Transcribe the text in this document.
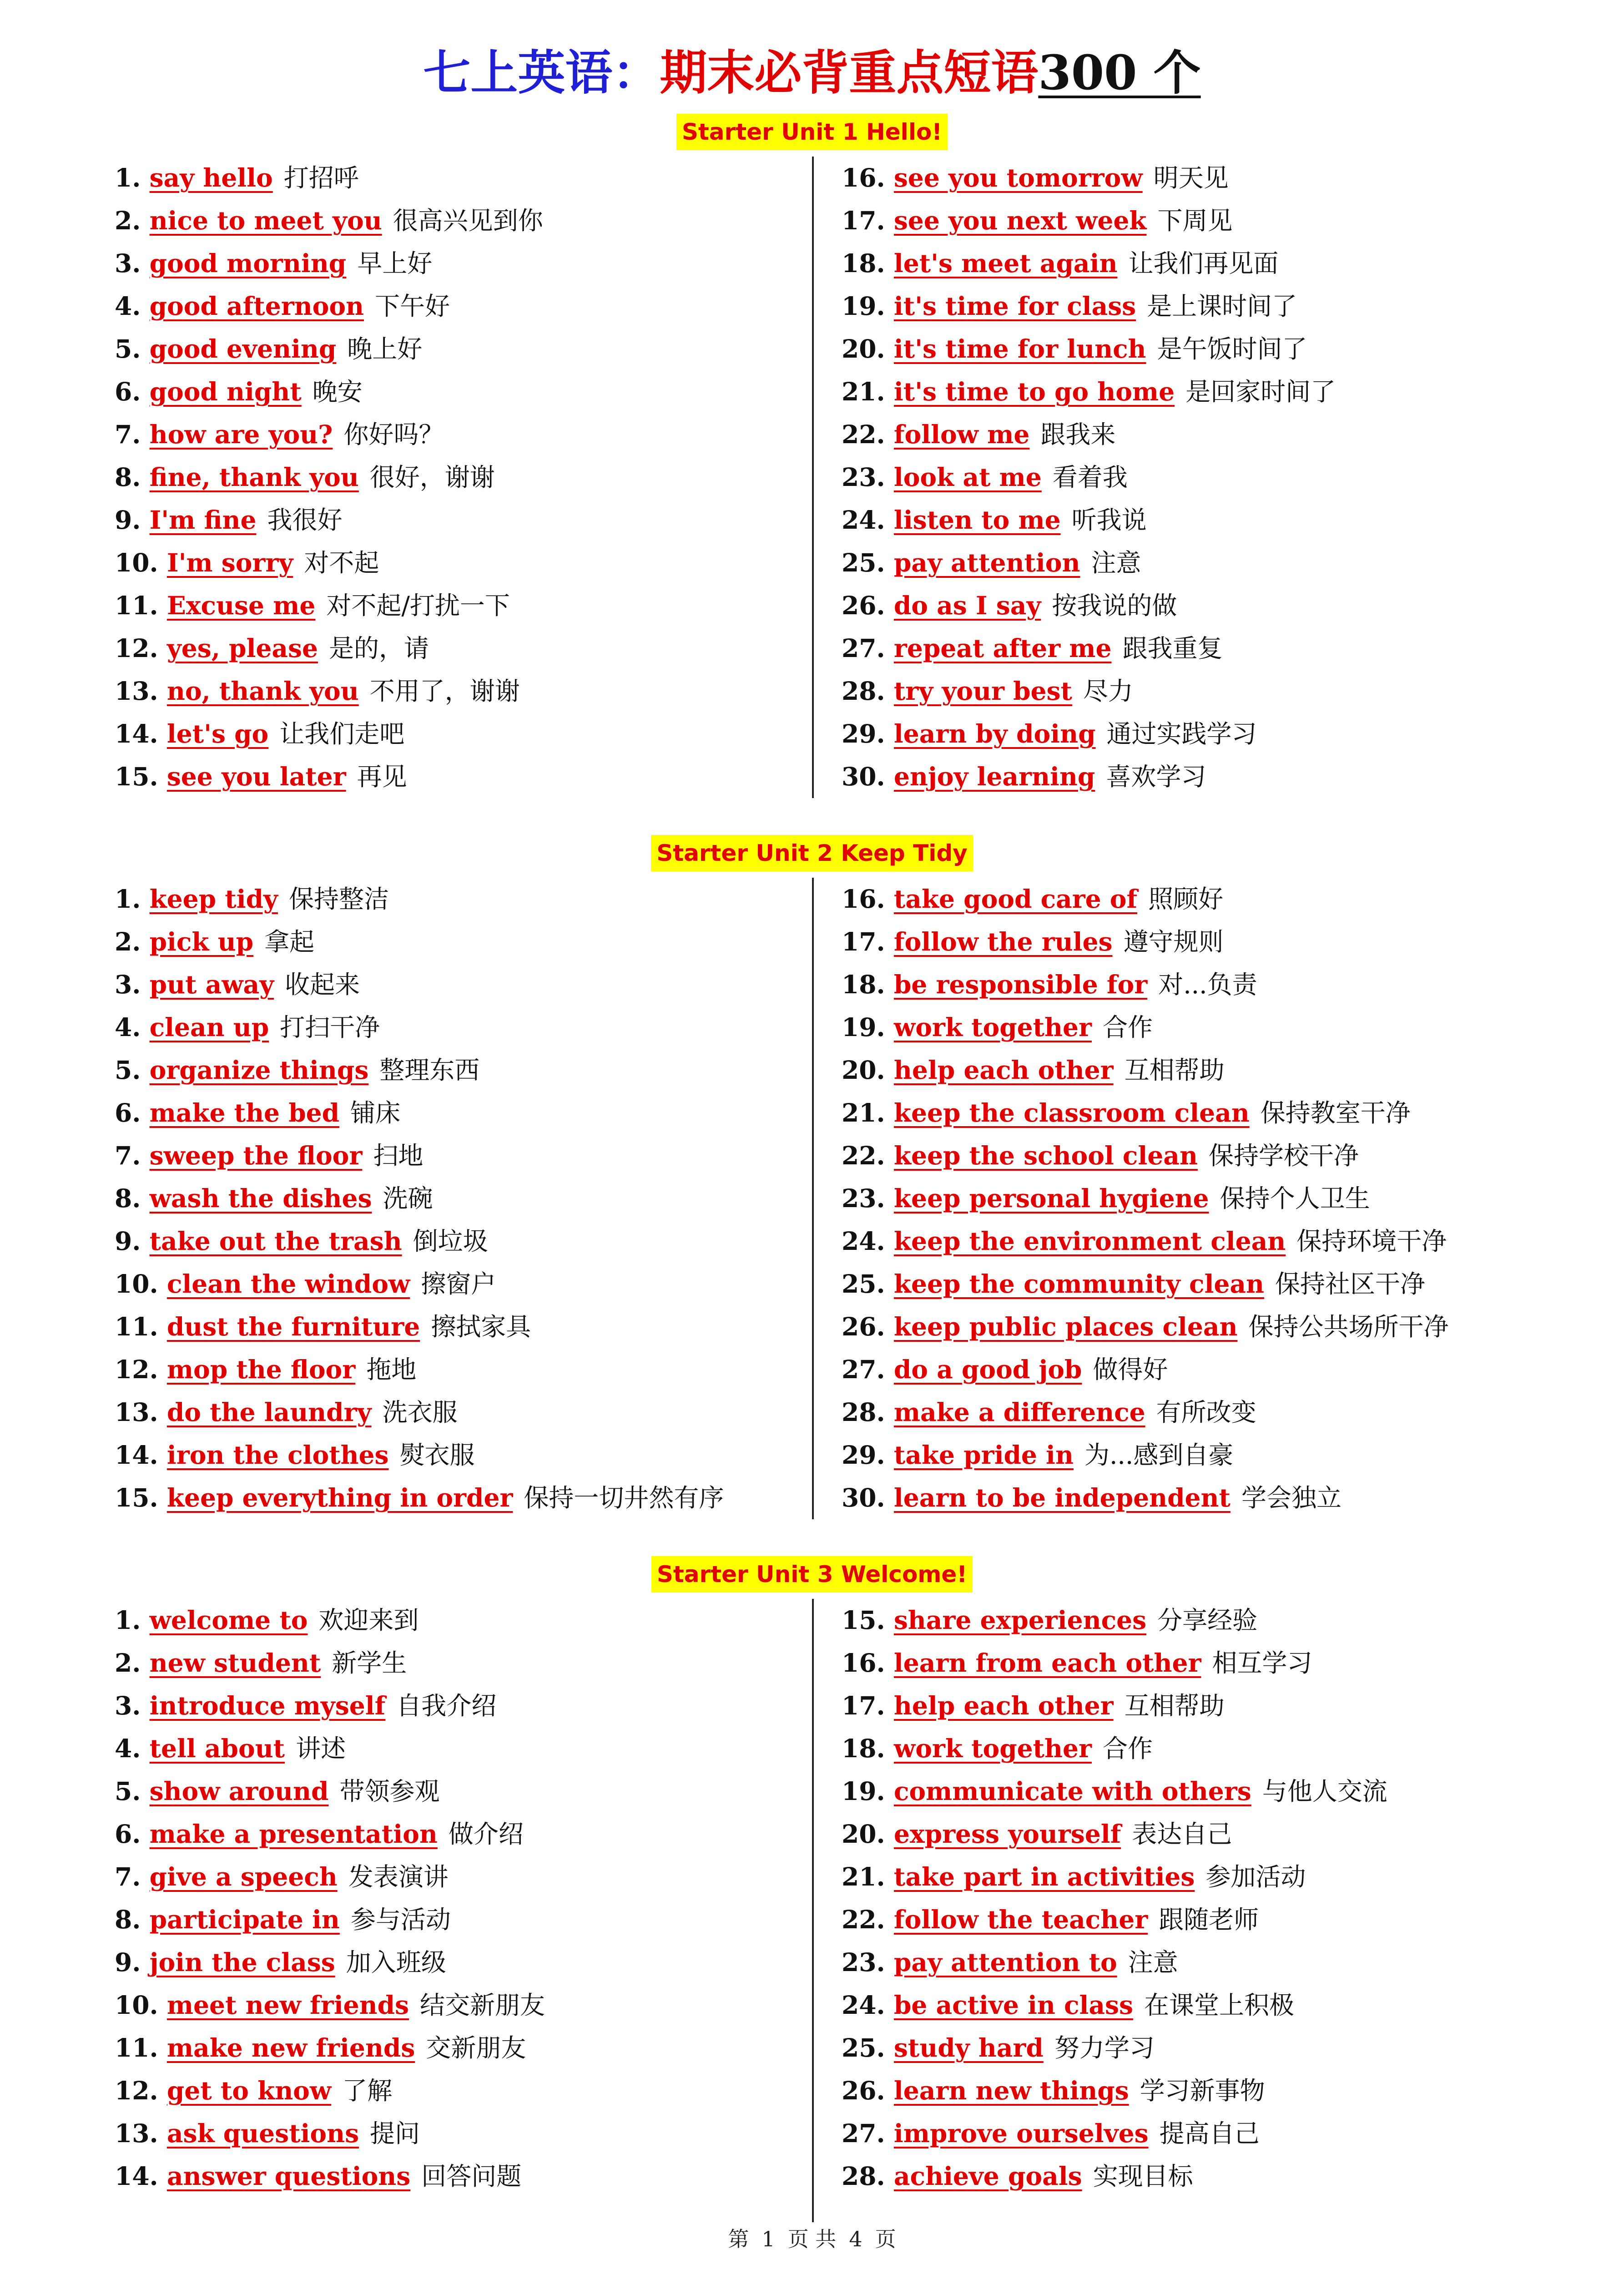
七上英语：期末必背重点短语300 个
Starter Unit 1 Hello!
1. say hello 打招呼
2. nice to meet you 很高兴见到你
3. good morning 早上好
4. good afternoon 下午好
5. good evening 晚上好
6. good night 晚安
7. how are you? 你好吗？
8. fine, thank you 很好，谢谢
9. I'm fine 我很好
10. I'm sorry 对不起
11. Excuse me 对不起/打扰一下
12. yes, please 是的，请
13. no, thank you 不用了，谢谢
14. let's go 让我们走吧
15. see you later 再见
16. see you tomorrow 明天见
17. see you next week 下周见
18. let's meet again 让我们再见面
19. it's time for class 是上课时间了
20. it's time for lunch 是午饭时间了
21. it's time to go home 是回家时间了
22. follow me 跟我来
23. look at me 看着我
24. listen to me 听我说
25. pay attention 注意
26. do as I say 按我说的做
27. repeat after me 跟我重复
28. try your best 尽力
29. learn by doing 通过实践学习
30. enjoy learning 喜欢学习
Starter Unit 2 Keep Tidy
1. keep tidy 保持整洁
2. pick up 拿起
3. put away 收起来
4. clean up 打扫干净
5. organize things 整理东西
6. make the bed 铺床
7. sweep the floor 扫地
8. wash the dishes 洗碗
9. take out the trash 倒垃圾
10. clean the window 擦窗户
11. dust the furniture 擦拭家具
12. mop the floor 拖地
13. do the laundry 洗衣服
14. iron the clothes 熨衣服
15. keep everything in order 保持一切井然有序
16. take good care of 照顾好
17. follow the rules 遵守规则
18. be responsible for 对...负责
19. work together 合作
20. help each other 互相帮助
21. keep the classroom clean 保持教室干净
22. keep the school clean 保持学校干净
23. keep personal hygiene 保持个人卫生
24. keep the environment clean 保持环境干净
25. keep the community clean 保持社区干净
26. keep public places clean 保持公共场所干净
27. do a good job 做得好
28. make a difference 有所改变
29. take pride in 为...感到自豪
30. learn to be independent 学会独立
Starter Unit 3 Welcome!
1. welcome to 欢迎来到
2. new student 新学生
3. introduce myself 自我介绍
4. tell about 讲述
5. show around 带领参观
6. make a presentation 做介绍
7. give a speech 发表演讲
8. participate in 参与活动
9. join the class 加入班级
10. meet new friends 结交新朋友
11. make new friends 交新朋友
12. get to know 了解
13. ask questions 提问
14. answer questions 回答问题
15. share experiences 分享经验
16. learn from each other 相互学习
17. help each other 互相帮助
18. work together 合作
19. communicate with others 与他人交流
20. express yourself 表达自己
21. take part in activities 参加活动
22. follow the teacher 跟随老师
23. pay attention to 注意
24. be active in class 在课堂上积极
25. study hard 努力学习
26. learn new things 学习新事物
27. improve ourselves 提高自己
28. achieve goals 实现目标
第 1 页 共 4 页
